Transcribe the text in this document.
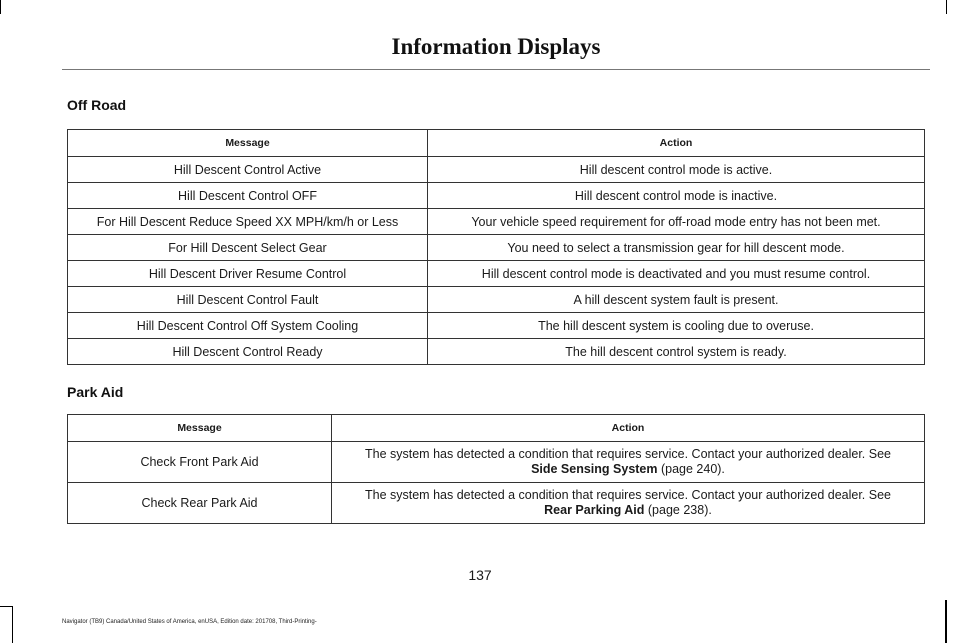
Information Displays
Off Road
Message	Action
Hill Descent Control Active	Hill descent control mode is active.
Hill Descent Control OFF	Hill descent control mode is inactive.
For Hill Descent Reduce Speed XX MPH/km/h or Less	Your vehicle speed requirement for off-road mode entry has not been met.
For Hill Descent Select Gear	You need to select a transmission gear for hill descent mode.
Hill Descent Driver Resume Control	Hill descent control mode is deactivated and you must resume control.
Hill Descent Control Fault	A hill descent system fault is present.
Hill Descent Control Off System Cooling	The hill descent system is cooling due to overuse.
Hill Descent Control Ready	The hill descent control system is ready.
Park Aid
Message	Action
Check Front Park Aid	The system has detected a condition that requires service. Contact your authorized dealer. See
Side Sensing System (page 240).
Check Rear Park Aid	The system has detected a condition that requires service. Contact your authorized dealer. See
Rear Parking Aid (page 238).
137
Navigator (TB9) Canada/United States of America, enUSA, Edition date: 201708, Third-Printing-
